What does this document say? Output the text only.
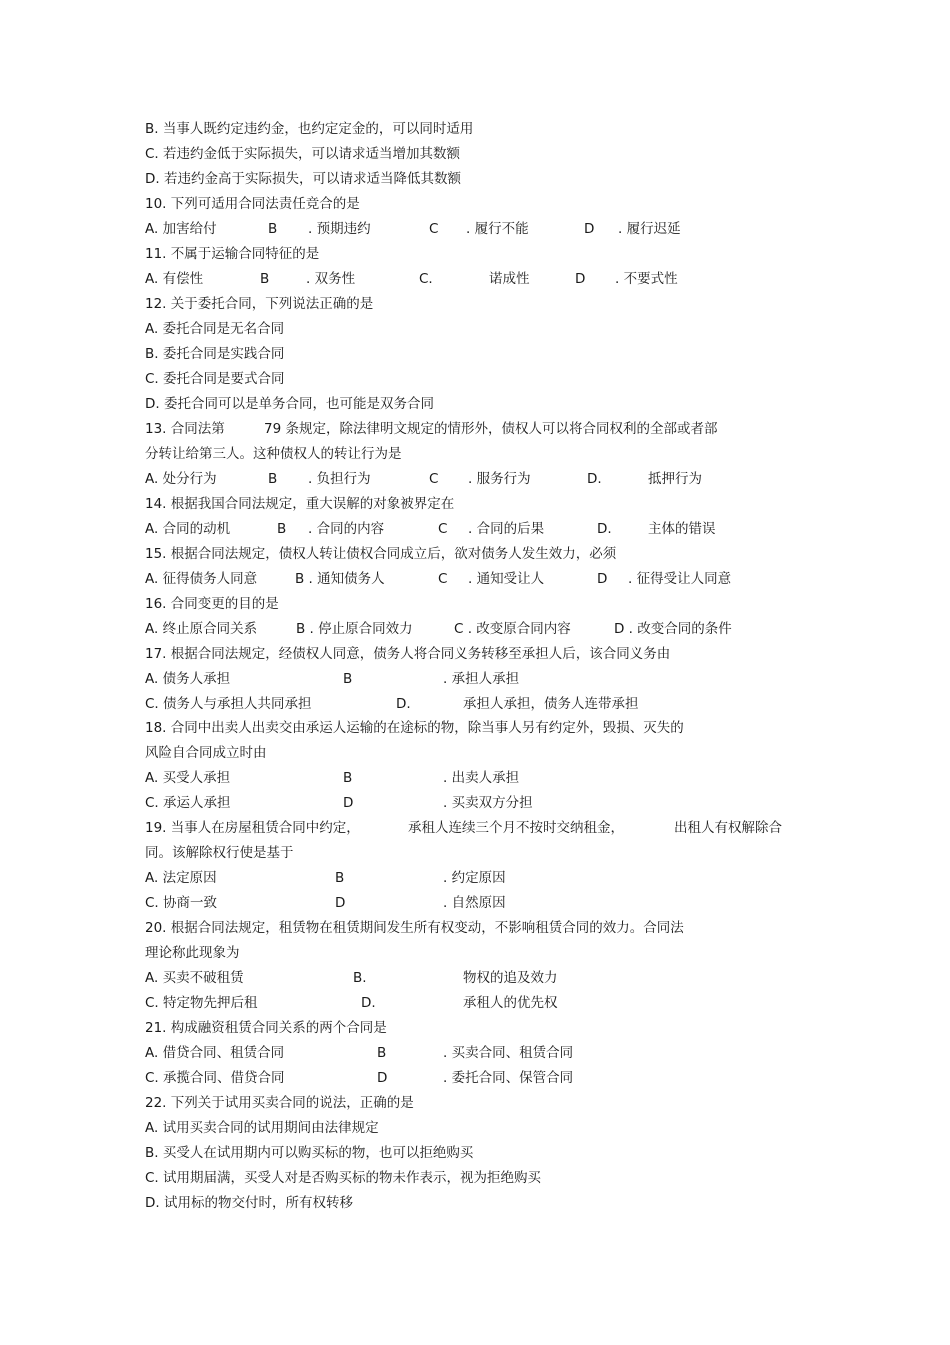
B. 当事人既约定违约金，也约定定金的，可以同时适用
C. 若违约金低于实际损失，可以请求适当增加其数额
D. 若违约金高于实际损失，可以请求适当降低其数额
10. 下列可适用合同法责任竞合的是
A. 加害给付	B . 预期违约	C . 履行不能	D . 履行迟延
11. 不属于运输合同特征的是
A. 有偿性	B	. 双务性	C.	诺成性	D . 不要式性
12. 关于委托合同，下列说法正确的是
A. 委托合同是无名合同
B. 委托合同是实践合同
C. 委托合同是要式合同
D. 委托合同可以是单务合同，也可能是双务合同
13. 合同法第	79 条规定，除法律明文规定的情形外，债权人可以将合同权利的全部或者部
分转让给第三人。这种债权人的转让行为是
A. 处分行为	B . 负担行为	C . 服务行为	D.	抵押行为
14. 根据我国合同法规定，重大误解的对象被界定在
A. 合同的动机	B . 合同的内容	C . 合同的后果	D.	主体的错误
15. 根据合同法规定，债权人转让债权合同成立后，欲对债务人发生效力，必须
A. 征得债务人同意	B . 通知债务人	C . 通知受让人	D . 征得受让人同意
16. 合同变更的目的是
A. 终止原合同关系	B . 停止原合同效力	C . 改变原合同内容	D . 改变合同的条件
17. 根据合同法规定，经债权人同意，债务人将合同义务转移至承担人后，该合同义务由
A. 债务人承担	B	. 承担人承担
C. 债务人与承担人共同承担	D.	承担人承担，债务人连带承担
18. 合同中出卖人出卖交由承运人运输的在途标的物，除当事人另有约定外，毁损、灭失的
风险自合同成立时由
A. 买受人承担	B	. 出卖人承担
C. 承运人承担	D	. 买卖双方分担
19. 当事人在房屋租赁合同中约定，	承租人连续三个月不按时交纳租金，	出租人有权解除合
同。该解除权行使是基于
A. 法定原因	B	. 约定原因
C. 协商一致	D	. 自然原因
20. 根据合同法规定，租赁物在租赁期间发生所有权变动，不影响租赁合同的效力。合同法
理论称此现象为
A. 买卖不破租赁	B.	物权的追及效力
C. 特定物先押后租	D.	承租人的优先权
21. 构成融资租赁合同关系的两个合同是
A. 借贷合同、租赁合同	B	. 买卖合同、租赁合同
C. 承揽合同、借贷合同	D	. 委托合同、保管合同
22. 下列关于试用买卖合同的说法，正确的是
A. 试用买卖合同的试用期间由法律规定
B. 买受人在试用期内可以购买标的物，也可以拒绝购买
C. 试用期届满，买受人对是否购买标的物未作表示，视为拒绝购买
D. 试用标的物交付时，所有权转移
